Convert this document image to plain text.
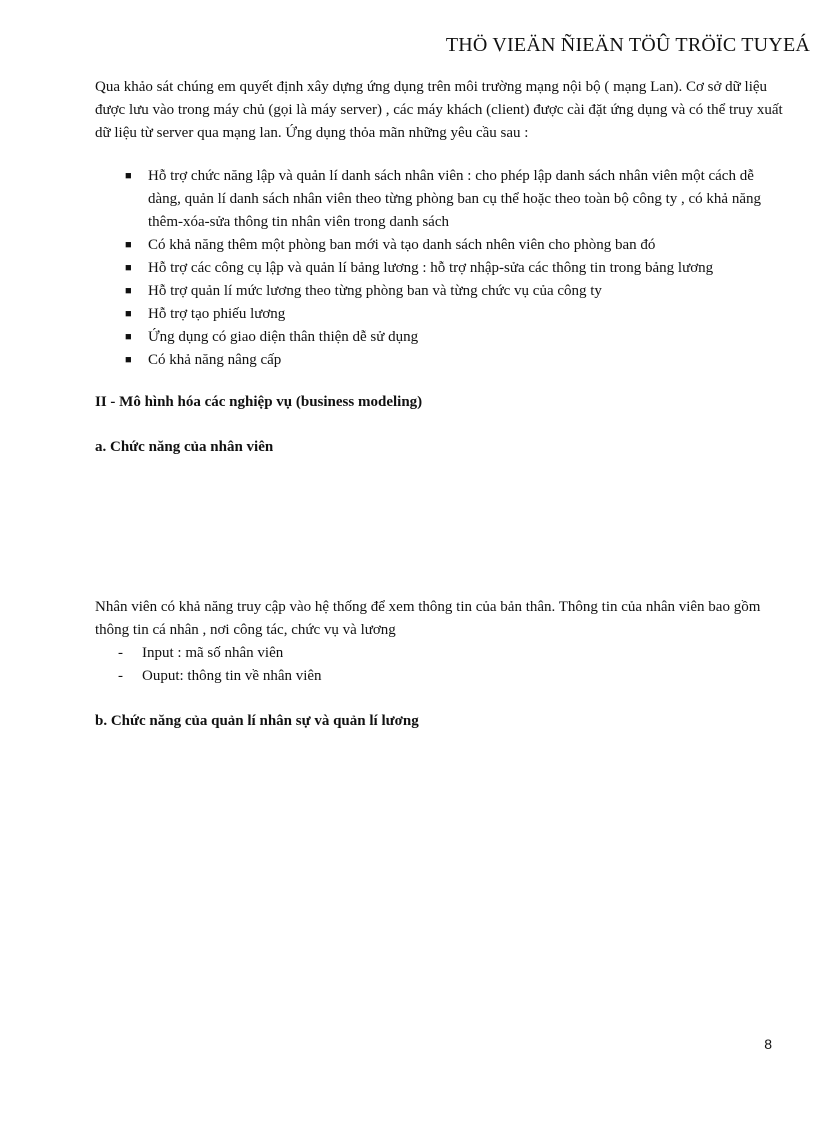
THÖ VIEÄN ÑIEÄN TÖÛ TRÖÏC TUYEÁ

Qua khảo sát chúng em quyết định xây dựng ứng dụng trên môi trường mạng nội bộ ( mạng Lan). Cơ sở dữ liệu được lưu vào trong máy chủ (gọi là máy server) , các máy khách (client) được cài đặt ứng dụng và có thể truy xuất dữ liệu từ server qua mạng lan. Ứng dụng thỏa mãn những yêu cầu sau :

■ Hỗ trợ chức năng lập và quản lí danh sách nhân viên : cho phép lập danh sách nhân viên một cách dễ dàng, quản lí danh sách nhân viên theo từng phòng ban cụ thể hoặc theo toàn bộ công ty , có khả năng thêm-xóa-sửa thông tin nhân viên trong danh sách
■ Có khả năng thêm một phòng ban mới và tạo danh sách nhên viên cho phòng ban đó
■ Hỗ trợ các công cụ lập và quản lí bảng lương : hỗ trợ nhập-sửa các thông tin trong bảng lương
■ Hỗ trợ quản lí mức lương theo từng phòng ban và từng chức vụ của công ty
■ Hỗ trợ tạo phiếu lương
■ Ứng dụng có giao diện thân thiện dễ sử dụng
■ Có khả năng nâng cấp
II - Mô hình hóa các nghiệp vụ (business modeling)
a. Chức năng của nhân viên

Nhân viên có khả năng truy cập vào hệ thống để xem thông tin của bản thân. Thông tin của nhân viên bao gồm thông tin cá nhân , nơi công tác, chức vụ và lương

- Input : mã số nhân viên
- Ouput: thông tin về nhân viên
b. Chức năng của quản lí nhân sự và quản lí lương
8
